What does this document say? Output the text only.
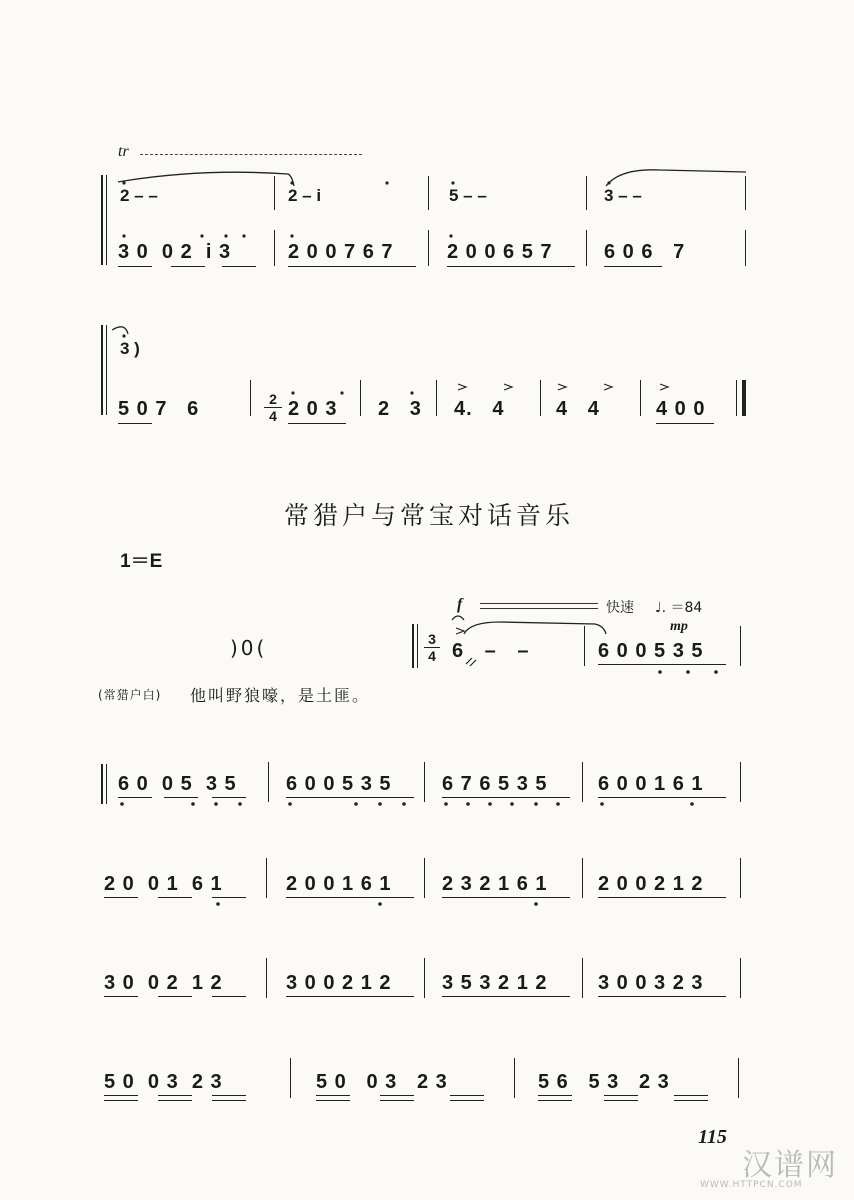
tr
2 – –	2 – i	5 – –	3 – –
3 0  0 2  i 3	2 0 0 7 6 7	2 0 0 6 5 7	6 0 6   7
3 )
5 0 7   6	2
4 2 0 3 2   3 4.   4	4   4	4 0 0
常猎户与常宝对话音乐
1＝E
f	快速 ♩. ＝84
mp
)0(	3
4 6 – –	6 0 0 5 3 5
(常猎户白) 他叫野狼嚎，是土匪。
6 0  0 5  3 5 6 0 0 5 3 5	6 7 6 5 3 5	6 0 0 1 6 1
2 0  0 1  6 1	2 0 0 1 6 1	2 3 2 1 6 1	2 0 0 2 1 2
3 0  0 2  1 2	3 0 0 2 1 2	3 5 3 2 1 2	3 0 0 3 2 3
5 0  0 3  2 3	5 0   0 3   2 3	5 6   5 3   2 3
115
汉谱网
WWW.HTTPCN.COM
